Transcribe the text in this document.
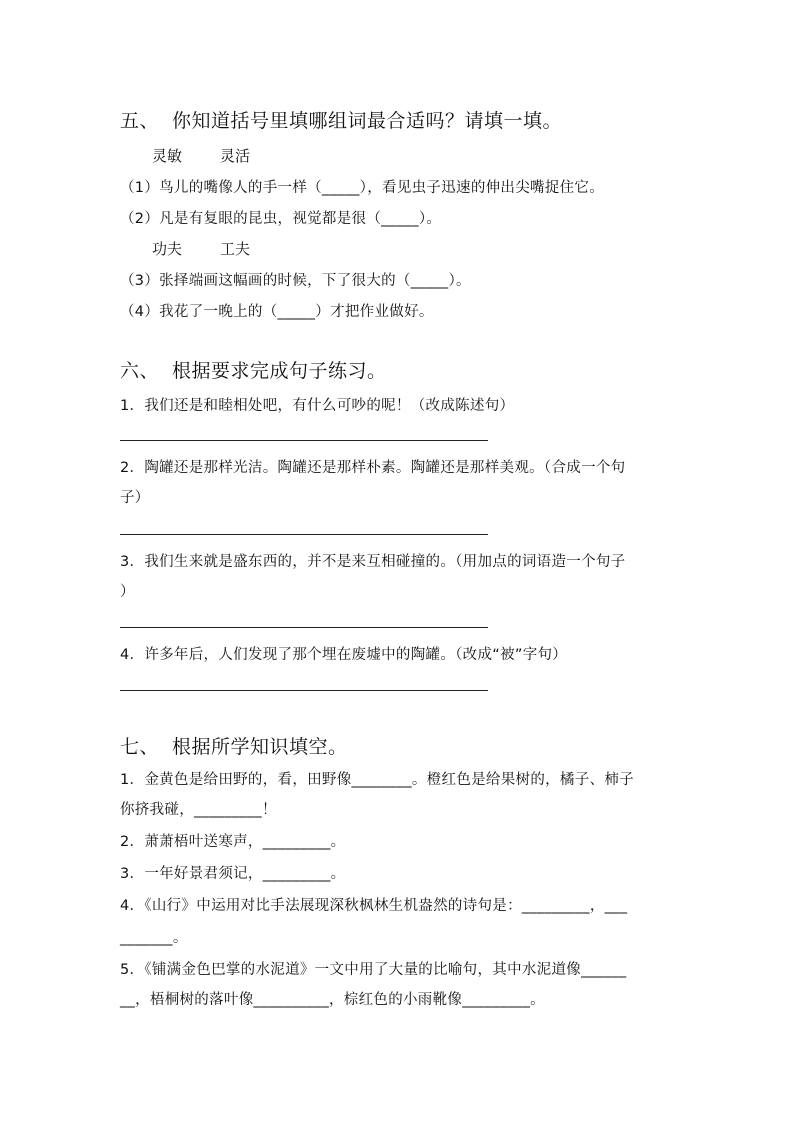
五、 你知道括号里填哪组词最合适吗？请填一填。
灵敏	灵活
（1）鸟儿的嘴像人的手一样（_____），看见虫子迅速的伸出尖嘴捉住它。
（2）凡是有复眼的昆虫，视觉都是很（_____）。
功夫	工夫
（3）张择端画这幅画的时候，下了很大的（_____）。
（4）我花了一晚上的（_____）才把作业做好。
六、 根据要求完成句子练习。
1．我们还是和睦相处吧，有什么可吵的呢！（改成陈述句）
2．陶罐还是那样光洁。陶罐还是那样朴素。陶罐还是那样美观。（合成一个句
子）
3．我们生来就是盛东西的，并不是来互相碰撞的。（用加点的词语造一个句子
）
4．许多年后，人们发现了那个埋在废墟中的陶罐。（改成“被”字句）
七、 根据所学知识填空。
1．金黄色是给田野的，看，田野像________。橙红色是给果树的，橘子、柿子
你挤我碰，_________！
2．萧萧梧叶送寒声，_________。
3．一年好景君须记，_________。
4．《山行》中运用对比手法展现深秋枫林生机盎然的诗句是：_________，___
_______。
5．《铺满金色巴掌的水泥道》一文中用了大量的比喻句，其中水泥道像______
__，梧桐树的落叶像__________，棕红色的小雨靴像_________。
